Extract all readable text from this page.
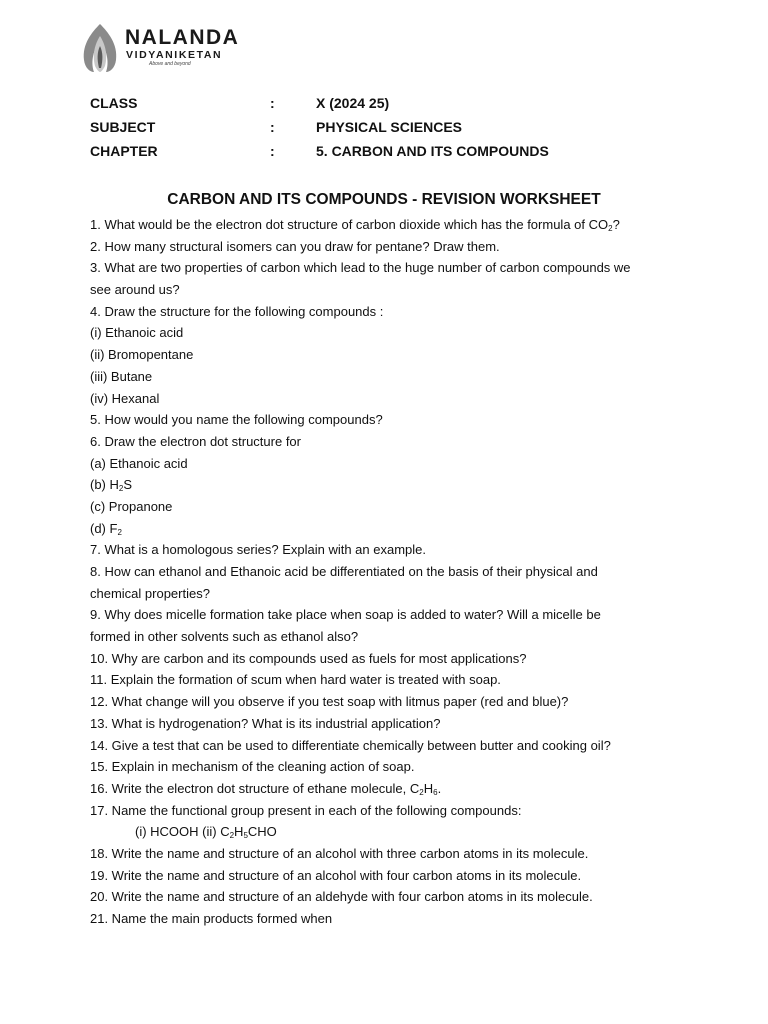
NALANDA
VIDYANIKETAN
Above and beyond
CLASS	:	X (2024 25)
SUBJECT	:	PHYSICAL SCIENCES
CHAPTER	:	5. CARBON AND ITS COMPOUNDS
CARBON AND ITS COMPOUNDS - REVISION WORKSHEET
1. What would be the electron dot structure of carbon dioxide which has the formula of $CO_2$?
2. How many structural isomers can you draw for pentane? Draw them.
3. What are two properties of carbon which lead to the huge number of carbon compounds we
see around us?
4. Draw the structure for the following compounds :
(i) Ethanoic acid
(ii) Bromopentane
(iii) Butane
(iv) Hexanal
5. How would you name the following compounds?
6. Draw the electron dot structure for
(a) Ethanoic acid
(b) $H_2S$
(c) Propanone
(d) $F_2$
7. What is a homologous series? Explain with an example.
8. How can ethanol and Ethanoic acid be differentiated on the basis of their physical and
chemical properties?
9. Why does micelle formation take place when soap is added to water? Will a micelle be
formed in other solvents such as ethanol also?
10. Why are carbon and its compounds used as fuels for most applications?
11. Explain the formation of scum when hard water is treated with soap.
12. What change will you observe if you test soap with litmus paper (red and blue)?
13. What is hydrogenation? What is its industrial application?
14. Give a test that can be used to differentiate chemically between butter and cooking oil?
15. Explain in mechanism of the cleaning action of soap.
16. Write the electron dot structure of ethane molecule, $C_2H_6$.
17. Name the functional group present in each of the following compounds:
(i) HCOOH (ii) $C_2H_5CHO$
18. Write the name and structure of an alcohol with three carbon atoms in its molecule.
19. Write the name and structure of an alcohol with four carbon atoms in its molecule.
20. Write the name and structure of an aldehyde with four carbon atoms in its molecule.
21. Name the main products formed when
